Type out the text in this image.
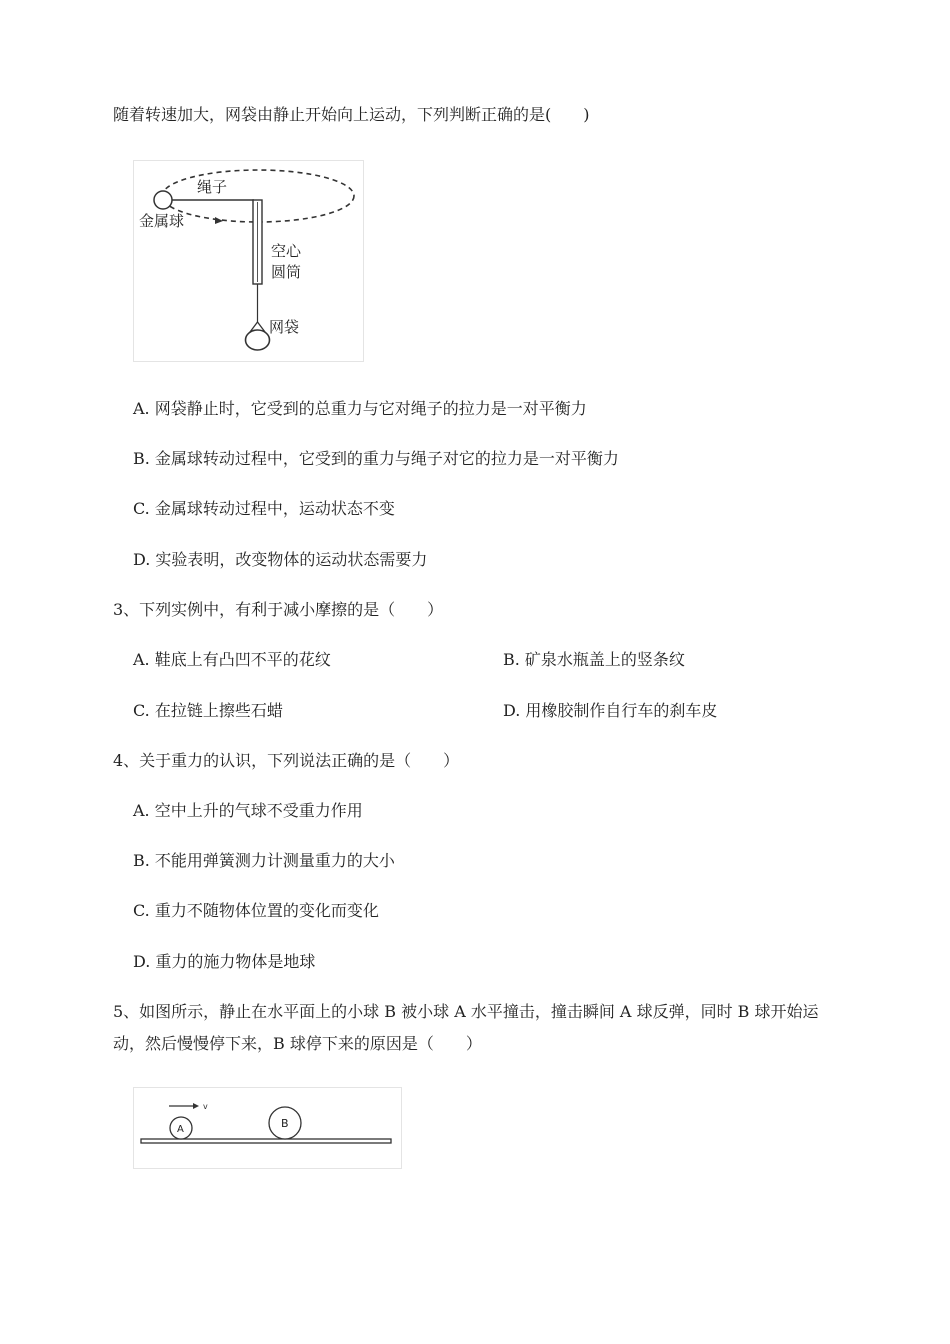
随着转速加大，网袋由静止开始向上运动，下列判断正确的是(　　)
绳子
金属球
空心
圆筒
网袋
A. 网袋静止时，它受到的总重力与它对绳子的拉力是一对平衡力
B. 金属球转动过程中，它受到的重力与绳子对它的拉力是一对平衡力
C. 金属球转动过程中，运动状态不变
D. 实验表明，改变物体的运动状态需要力
3、下列实例中，有利于减小摩擦的是（　　）
A. 鞋底上有凸凹不平的花纹	B. 矿泉水瓶盖上的竖条纹
C. 在拉链上擦些石蜡	D. 用橡胶制作自行车的刹车皮
4、关于重力的认识，下列说法正确的是（　　）
A. 空中上升的气球不受重力作用
B. 不能用弹簧测力计测量重力的大小
C. 重力不随物体位置的变化而变化
D. 重力的施力物体是地球
5、如图所示，静止在水平面上的小球 B 被小球 A 水平撞击，撞击瞬间 A 球反弹，同时 B 球开始运
动，然后慢慢停下来，B 球停下来的原因是（　　）
v
A	B
